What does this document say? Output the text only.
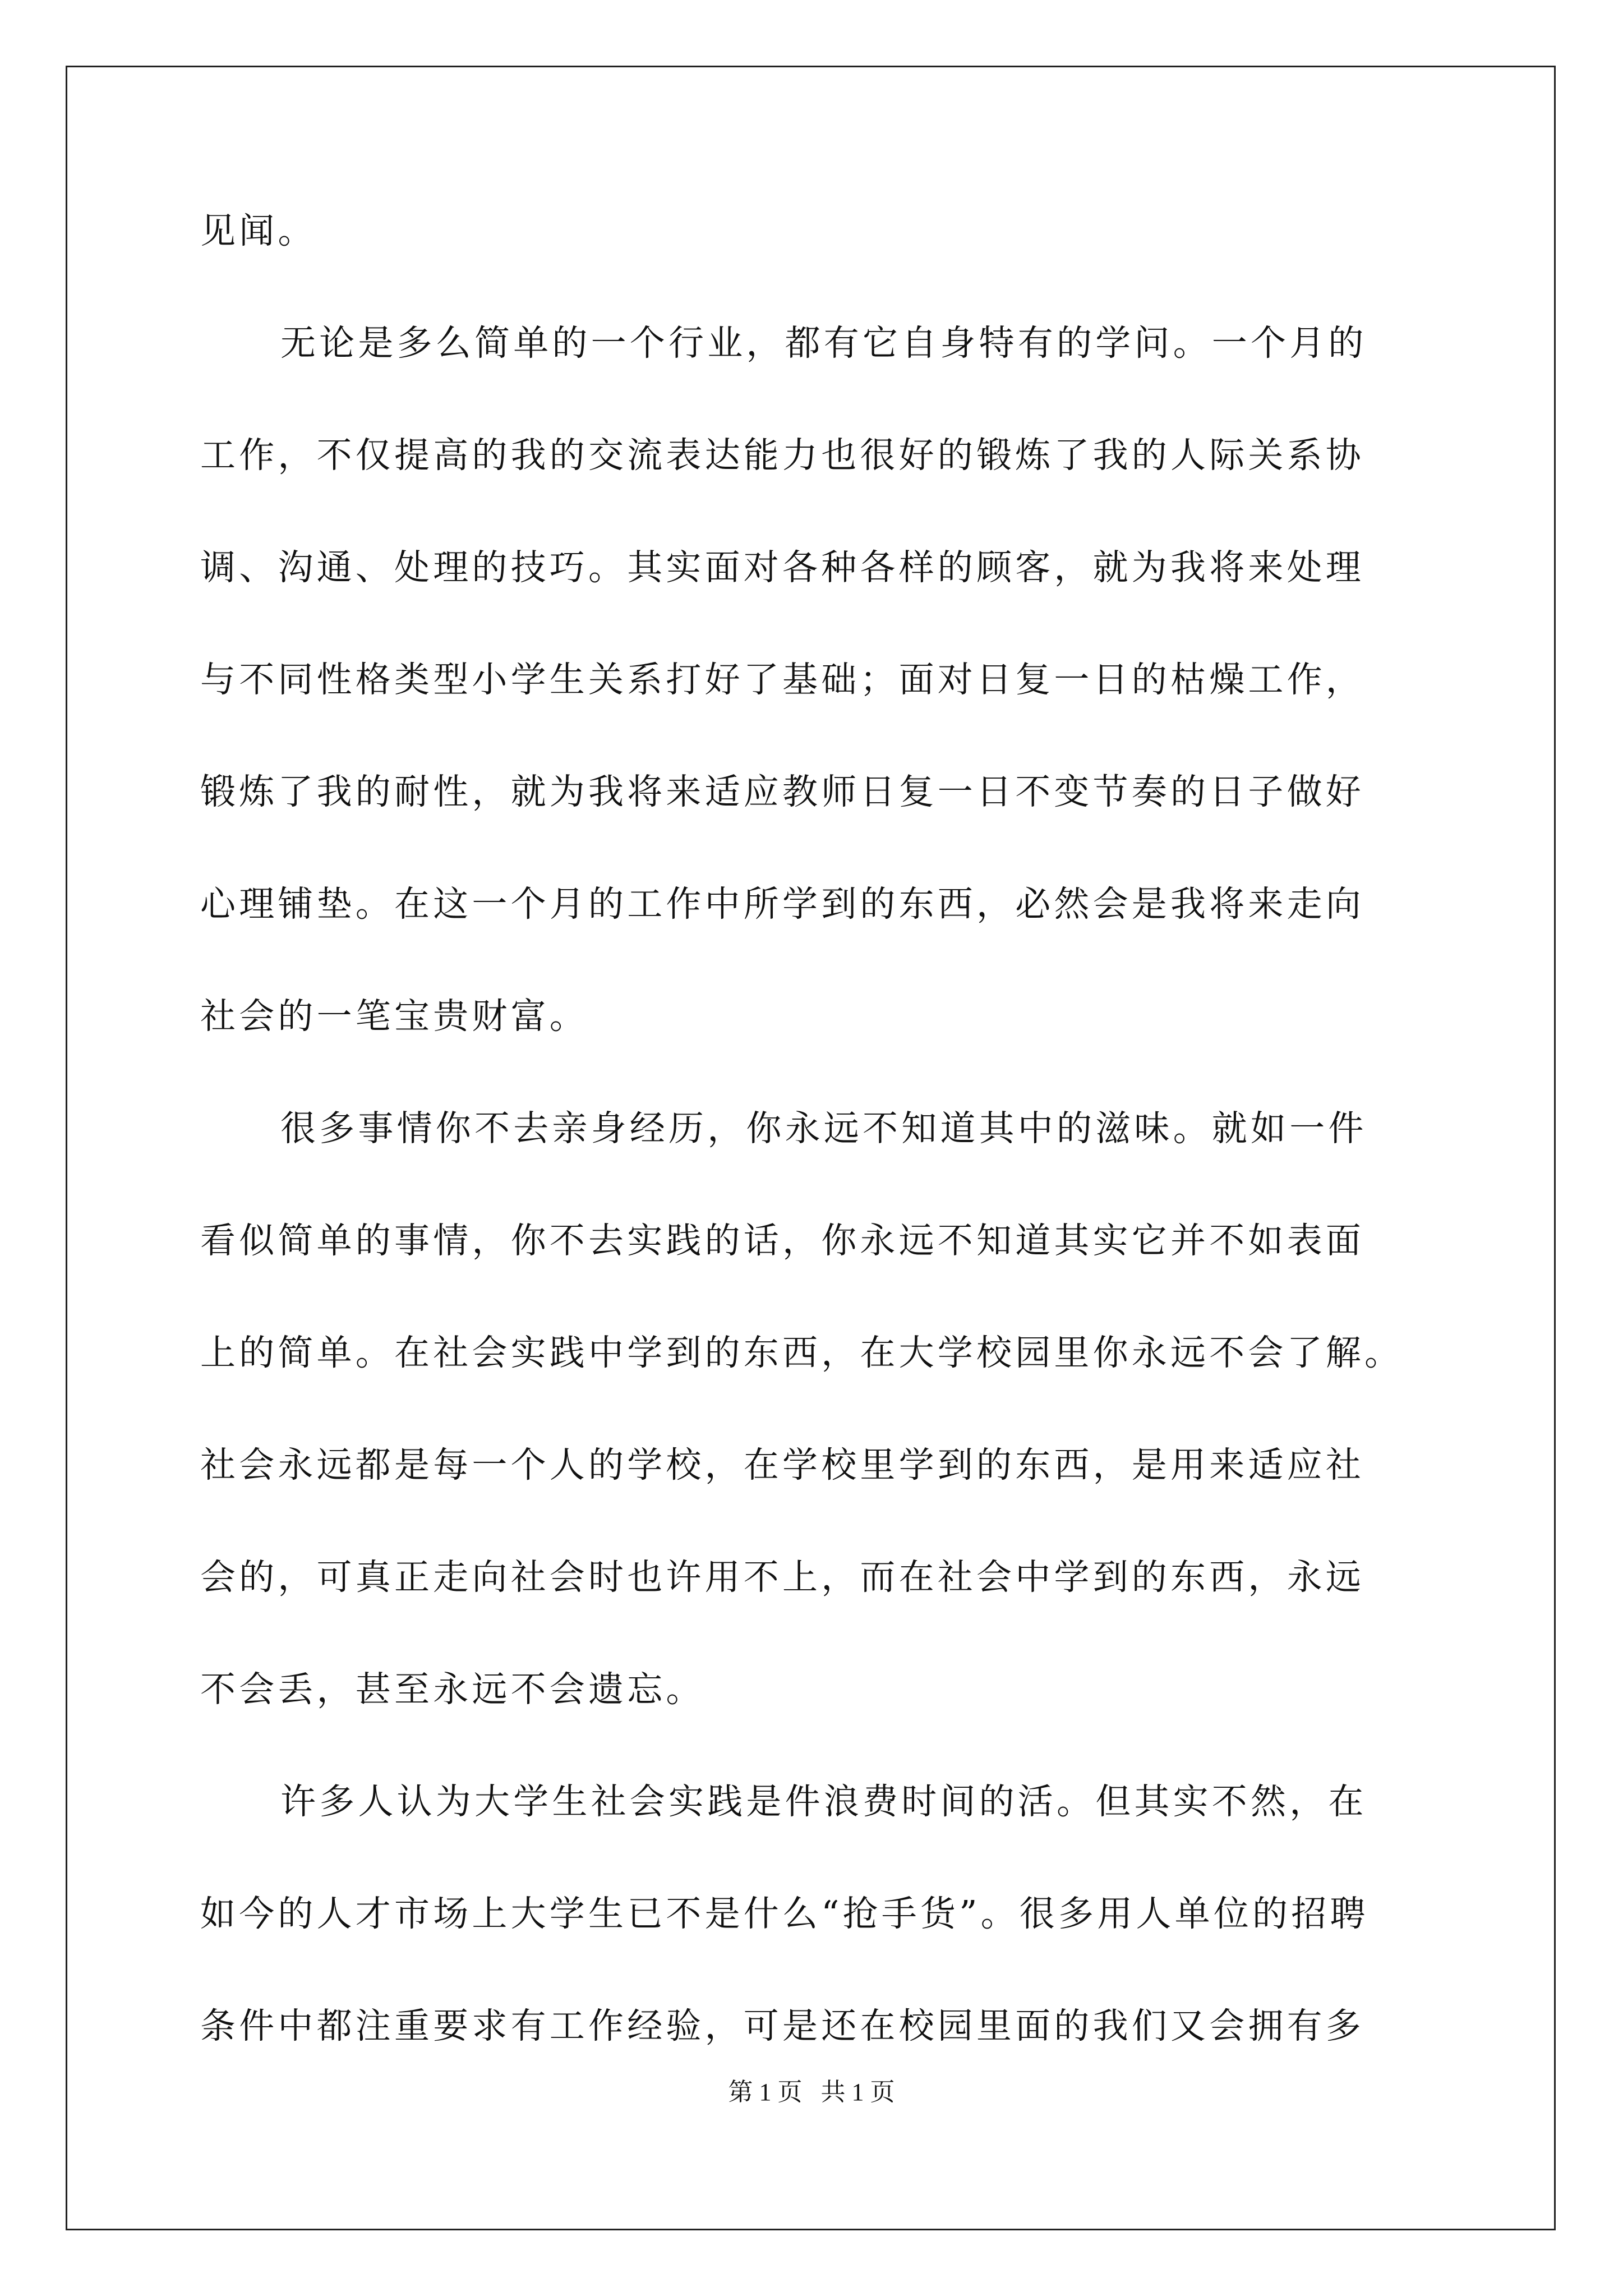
见闻。
无论是多么简单的一个行业，都有它自身特有的学问。一个月的
工作，不仅提高的我的交流表达能力也很好的锻炼了我的人际关系协
调、沟通、处理的技巧。其实面对各种各样的顾客，就为我将来处理
与不同性格类型小学生关系打好了基础；面对日复一日的枯燥工作，
锻炼了我的耐性，就为我将来适应教师日复一日不变节奏的日子做好
心理铺垫。在这一个月的工作中所学到的东西，必然会是我将来走向
社会的一笔宝贵财富。
很多事情你不去亲身经历，你永远不知道其中的滋味。就如一件
看似简单的事情，你不去实践的话，你永远不知道其实它并不如表面
上的简单。在社会实践中学到的东西，在大学校园里你永远不会了解。
社会永远都是每一个人的学校，在学校里学到的东西，是用来适应社
会的，可真正走向社会时也许用不上，而在社会中学到的东西，永远
不会丢，甚至永远不会遗忘。
许多人认为大学生社会实践是件浪费时间的活。但其实不然，在
如今的人才市场上大学生已不是什么“抢手货”。很多用人单位的招聘
条件中都注重要求有工作经验，可是还在校园里面的我们又会拥有多
第 1 页   共 1 页
